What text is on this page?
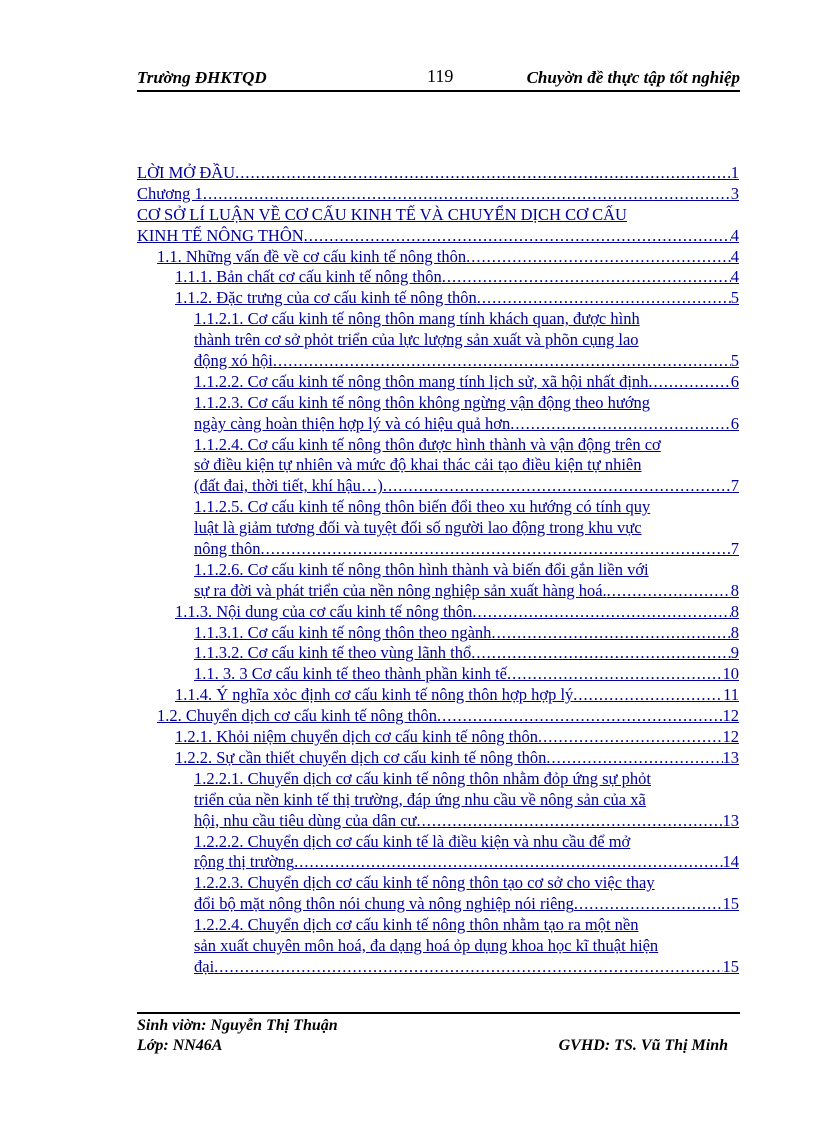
Trường ĐHKTQD	119	Chuyờn đề thực tập tốt nghiệp
LỜI MỞ ĐẦU .....	1
Chương 1 .....	3
CƠ SỞ LÍ LUẬN VỀ CƠ CẤU KINH TẾ VÀ CHUYỂN DỊCH CƠ CẤU
KINH TẾ NÔNG THÔN .....	4
1.1. Những vấn đề về cơ cấu kinh tế nông thôn .....	4
1.1.1. Bản chất cơ cấu kinh tế nông thôn .....	4
1.1.2. Đặc trưng của cơ cấu kinh tế nông thôn .....	5
1.1.2.1. Cơ cấu kinh tế nông thôn mang tính khách quan, được hình
thành trên cơ sở phỏt triển của lực lượng sản xuất và phõn cụng lao
động xó hội .....	5
1.1.2.2. Cơ cấu kinh tế nông thôn mang tính lịch sử, xã hội nhất định .....	6
1.1.2.3. Cơ cấu kinh tế nông thôn không ngừng vận động theo hướng
ngày càng hoàn thiện hợp lý và có hiệu quả hơn .....	6
1.1.2.4. Cơ cấu kinh tế nông thôn được hình thành và vận động trên cơ
sở điều kiện tự nhiên và mức độ khai thác cải tạo điều kiện tự nhiên
(đất đai, thời tiết, khí hậu…) .....	7
1.1.2.5. Cơ cấu kinh tế nông thôn biến đổi theo xu hướng có tính quy
luật là giảm tương đối và tuyệt đối số người lao động trong khu vực
nông thôn .....	7
1.1.2.6. Cơ cấu kinh tế nông thôn hình thành và biến đổi gắn liền với
sự ra đời và phát triển của nền nông nghiệp sản xuất hàng hoá. .....	8
1.1.3. Nội dung của cơ cấu kinh tế nông thôn .....	8
1.1.3.1. Cơ cấu kinh tế nông thôn theo ngành .....	8
1.1.3.2. Cơ cấu kinh tế theo vùng lãnh thổ .....	9
1.1. 3. 3 Cơ cấu kinh tế theo thành phần kinh tế .....	10
1.1.4. Ý nghĩa xỏc định cơ cấu kinh tế nông thôn hợp hợp lý .....	11
1.2. Chuyển dịch cơ cấu kinh tế nông thôn .....	12
1.2.1. Khỏi niệm chuyển dịch cơ cấu kinh tế nông thôn .....	12
1.2.2. Sự cần thiết chuyển dịch cơ cấu kinh tế nông thôn .....	13
1.2.2.1. Chuyển dịch cơ cấu kinh tế nông thôn nhằm đỏp ứng sự phỏt
triển của nền kinh tế thị trường, đáp ứng nhu cầu về nông sản của xã
hội, nhu cầu tiêu dùng của dân cư .....	13
1.2.2.2. Chuyển dịch cơ cấu kinh tế là điều kiện và nhu cầu để mở
rộng thị trường .....	14
1.2.2.3. Chuyển dịch cơ cấu kinh tế nông thôn tạo cơ sở cho việc thay
đổi bộ mặt nông thôn nói chung và nông nghiệp nói riêng .....	15
1.2.2.4. Chuyển dịch cơ cấu kinh tế nông thôn nhằm tạo ra một nền
sản xuất chuyên môn hoá, đa dạng hoá ỏp dụng khoa học kĩ thuật hiện
đại .....	15
Sinh viờn: Nguyễn Thị Thuận
Lớp: NN46A	GVHD: TS. Vũ Thị Minh
